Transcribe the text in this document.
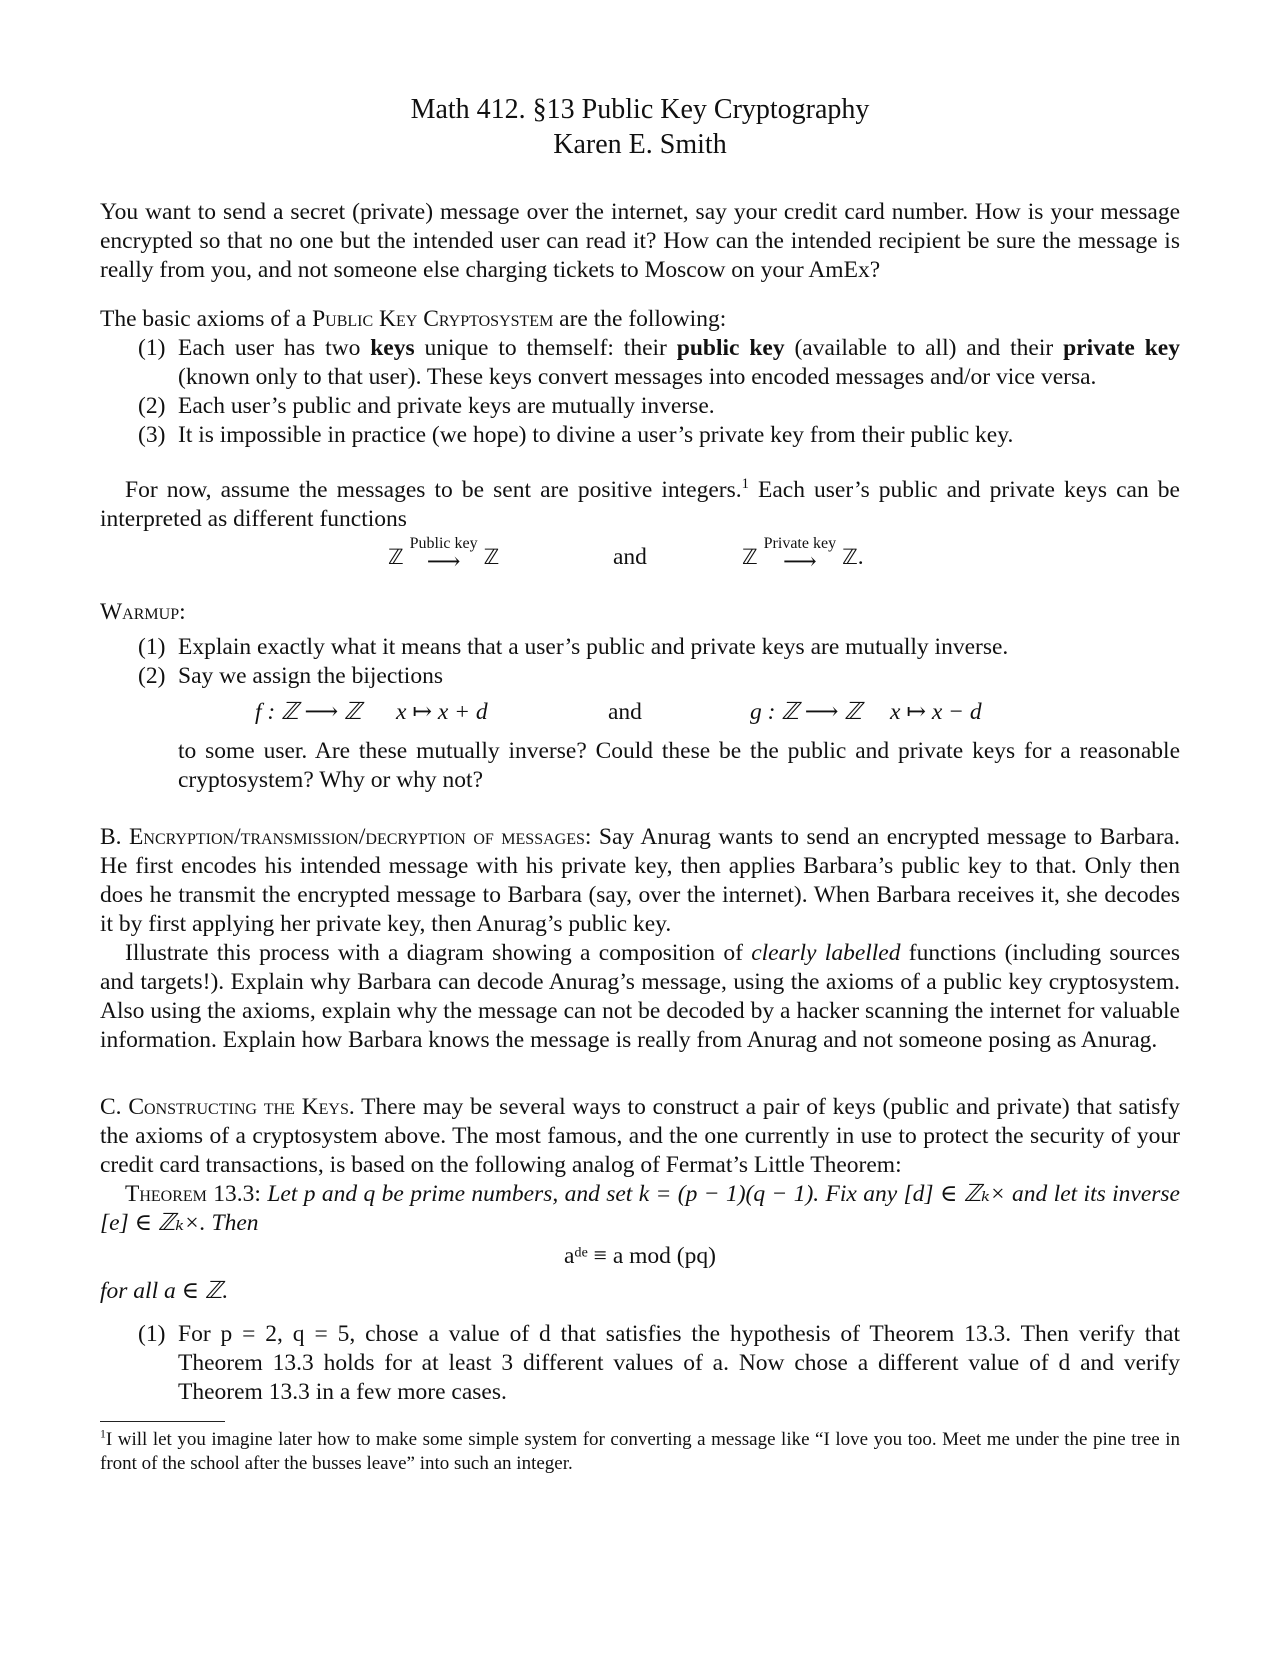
Math 412. §13 Public Key Cryptography
Karen E. Smith

You want to send a secret (private) message over the internet, say your credit card number. How is your message encrypted so that no one but the intended user can read it? How can the intended recipient be sure the message is really from you, and not someone else charging tickets to Moscow on your AmEx?

The basic axioms of a Public Key Cryptosystem are the following:

(1) Each user has two keys unique to themself: their public key (available to all) and their private key (known only to that user). These keys convert messages into encoded messages and/or vice versa.
(2) Each user’s public and private keys are mutually inverse.
(3) It is impossible in practice (we hope) to divine a user’s private key from their public key.

For now, assume the messages to be sent are positive integers.$^1$ Each user’s public and private keys can be interpreted as different functions

ℤ
Public key
⟶ ℤ	and	ℤ
Private key
⟶ ℤ .

Warmup:

(1) Explain exactly what it means that a user’s public and private keys are mutually inverse.
(2) Say we assign the bijections
f : ℤ ⟶ ℤ x ↦ x + d	and	g : ℤ ⟶ ℤ x ↦ x − d

to some user. Are these mutually inverse? Could these be the public and private keys for a reasonable cryptosystem? Why or why not?

B. Encryption/transmission/decryption of messages: Say Anurag wants to send an encrypted message to Barbara. He first encodes his intended message with his private key, then applies Barbara’s public key to that. Only then does he transmit the encrypted message to Barbara (say, over the internet). When Barbara receives it, she decodes it by first applying her private key, then Anurag’s public key.

Illustrate this process with a diagram showing a composition of clearly labelled functions (including sources and targets!). Explain why Barbara can decode Anurag’s message, using the axioms of a public key cryptosystem. Also using the axioms, explain why the message can not be decoded by a hacker scanning the internet for valuable information. Explain how Barbara knows the message is really from Anurag and not someone posing as Anurag.

C. Constructing the Keys. There may be several ways to construct a pair of keys (public and private) that satisfy the axioms of a cryptosystem above. The most famous, and the one currently in use to protect the security of your credit card transactions, is based on the following analog of Fermat’s Little Theorem:

Theorem 13.3: Let p and q be prime numbers, and set k = (p − 1)(q − 1). Fix any [d] ∈ ℤₖ× and let its inverse [e] ∈ ℤₖ×. Then

aᵈᵉ ≡ a mod (pq)

for all a ∈ ℤ.

(1) For p = 2, q = 5, chose a value of d that satisfies the hypothesis of Theorem 13.3. Then verify that Theorem 13.3 holds for at least 3 different values of a. Now chose a different value of d and verify Theorem 13.3 in a few more cases.

$^1$I will let you imagine later how to make some simple system for converting a message like “I love you too. Meet me under the pine tree in front of the school after the busses leave” into such an integer.
